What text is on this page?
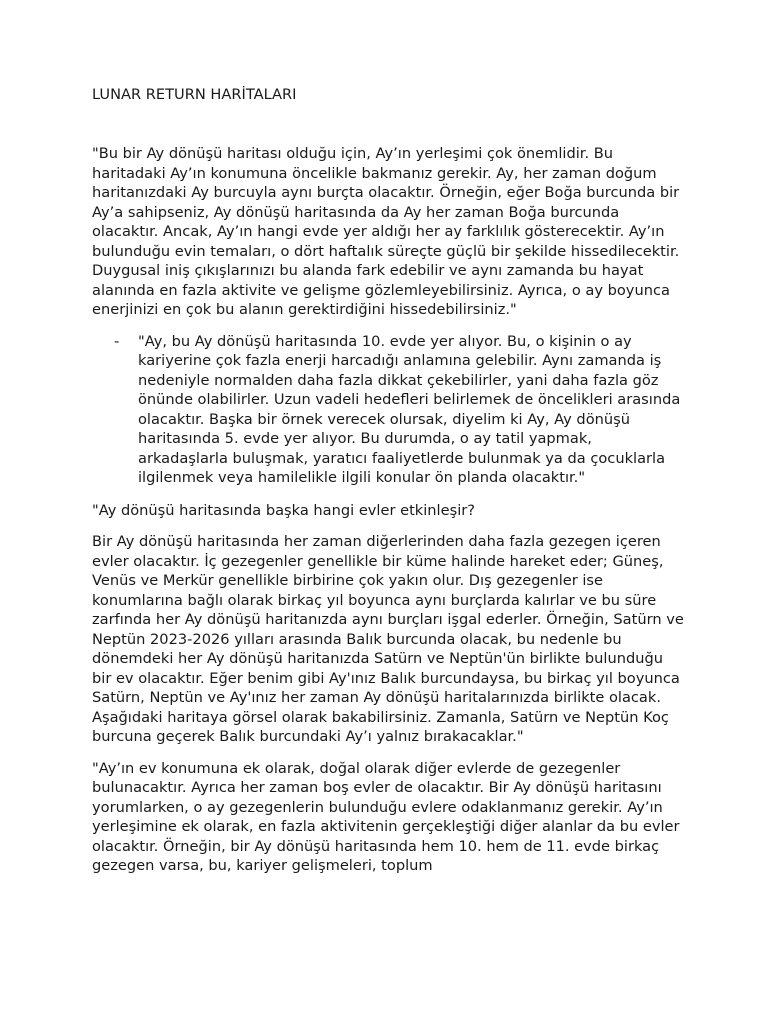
LUNAR RETURN HARİTALARI

"Bu bir Ay dönüşü haritası olduğu için, Ay’ın yerleşimi çok önemlidir. Bu haritadaki Ay’ın konumuna öncelikle bakmanız gerekir. Ay, her zaman doğum haritanızdaki Ay burcuyla aynı burçta olacaktır. Örneğin, eğer Boğa burcunda bir Ay’a sahipseniz, Ay dönüşü haritasında da Ay her zaman Boğa burcunda olacaktır. Ancak, Ay’ın hangi evde yer aldığı her ay farklılık gösterecektir. Ay’ın bulunduğu evin temaları, o dört haftalık süreçte güçlü bir şekilde hissedilecektir. Duygusal iniş çıkışlarınızı bu alanda fark edebilir ve aynı zamanda bu hayat alanında en fazla aktivite ve gelişme gözlemleyebilirsiniz. Ayrıca, o ay boyunca enerjinizi en çok bu alanın gerektirdiğini hissedebilirsiniz."

- "Ay, bu Ay dönüşü haritasında 10. evde yer alıyor. Bu, o kişinin o ay kariyerine çok fazla enerji harcadığı anlamına gelebilir. Aynı zamanda iş nedeniyle normalden daha fazla dikkat çekebilirler, yani daha fazla göz önünde olabilirler. Uzun vadeli hedefleri belirlemek de öncelikleri arasında olacaktır. Başka bir örnek verecek olursak, diyelim ki Ay, Ay dönüşü haritasında 5. evde yer alıyor. Bu durumda, o ay tatil yapmak, arkadaşlarla buluşmak, yaratıcı faaliyetlerde bulunmak ya da çocuklarla ilgilenmek veya hamilelikle ilgili konular ön planda olacaktır."

"Ay dönüşü haritasında başka hangi evler etkinleşir?

Bir Ay dönüşü haritasında her zaman diğerlerinden daha fazla gezegen içeren evler olacaktır. İç gezegenler genellikle bir küme halinde hareket eder; Güneş, Venüs ve Merkür genellikle birbirine çok yakın olur. Dış gezegenler ise konumlarına bağlı olarak birkaç yıl boyunca aynı burçlarda kalırlar ve bu süre zarfında her Ay dönüşü haritanızda aynı burçları işgal ederler. Örneğin, Satürn ve Neptün 2023-2026 yılları arasında Balık burcunda olacak, bu nedenle bu dönemdeki her Ay dönüşü haritanızda Satürn ve Neptün'ün birlikte bulunduğu bir ev olacaktır. Eğer benim gibi Ay'ınız Balık burcundaysa, bu birkaç yıl boyunca Satürn, Neptün ve Ay'ınız her zaman Ay dönüşü haritalarınızda birlikte olacak. Aşağıdaki haritaya görsel olarak bakabilirsiniz. Zamanla, Satürn ve Neptün Koç burcuna geçerek Balık burcundaki Ay’ı yalnız bırakacaklar."

"Ay’ın ev konumuna ek olarak, doğal olarak diğer evlerde de gezegenler bulunacaktır. Ayrıca her zaman boş evler de olacaktır. Bir Ay dönüşü haritasını yorumlarken, o ay gezegenlerin bulunduğu evlere odaklanmanız gerekir. Ay’ın yerleşimine ek olarak, en fazla aktivitenin gerçekleştiği diğer alanlar da bu evler olacaktır. Örneğin, bir Ay dönüşü haritasında hem 10. hem de 11. evde birkaç gezegen varsa, bu, kariyer gelişmeleri, toplum
